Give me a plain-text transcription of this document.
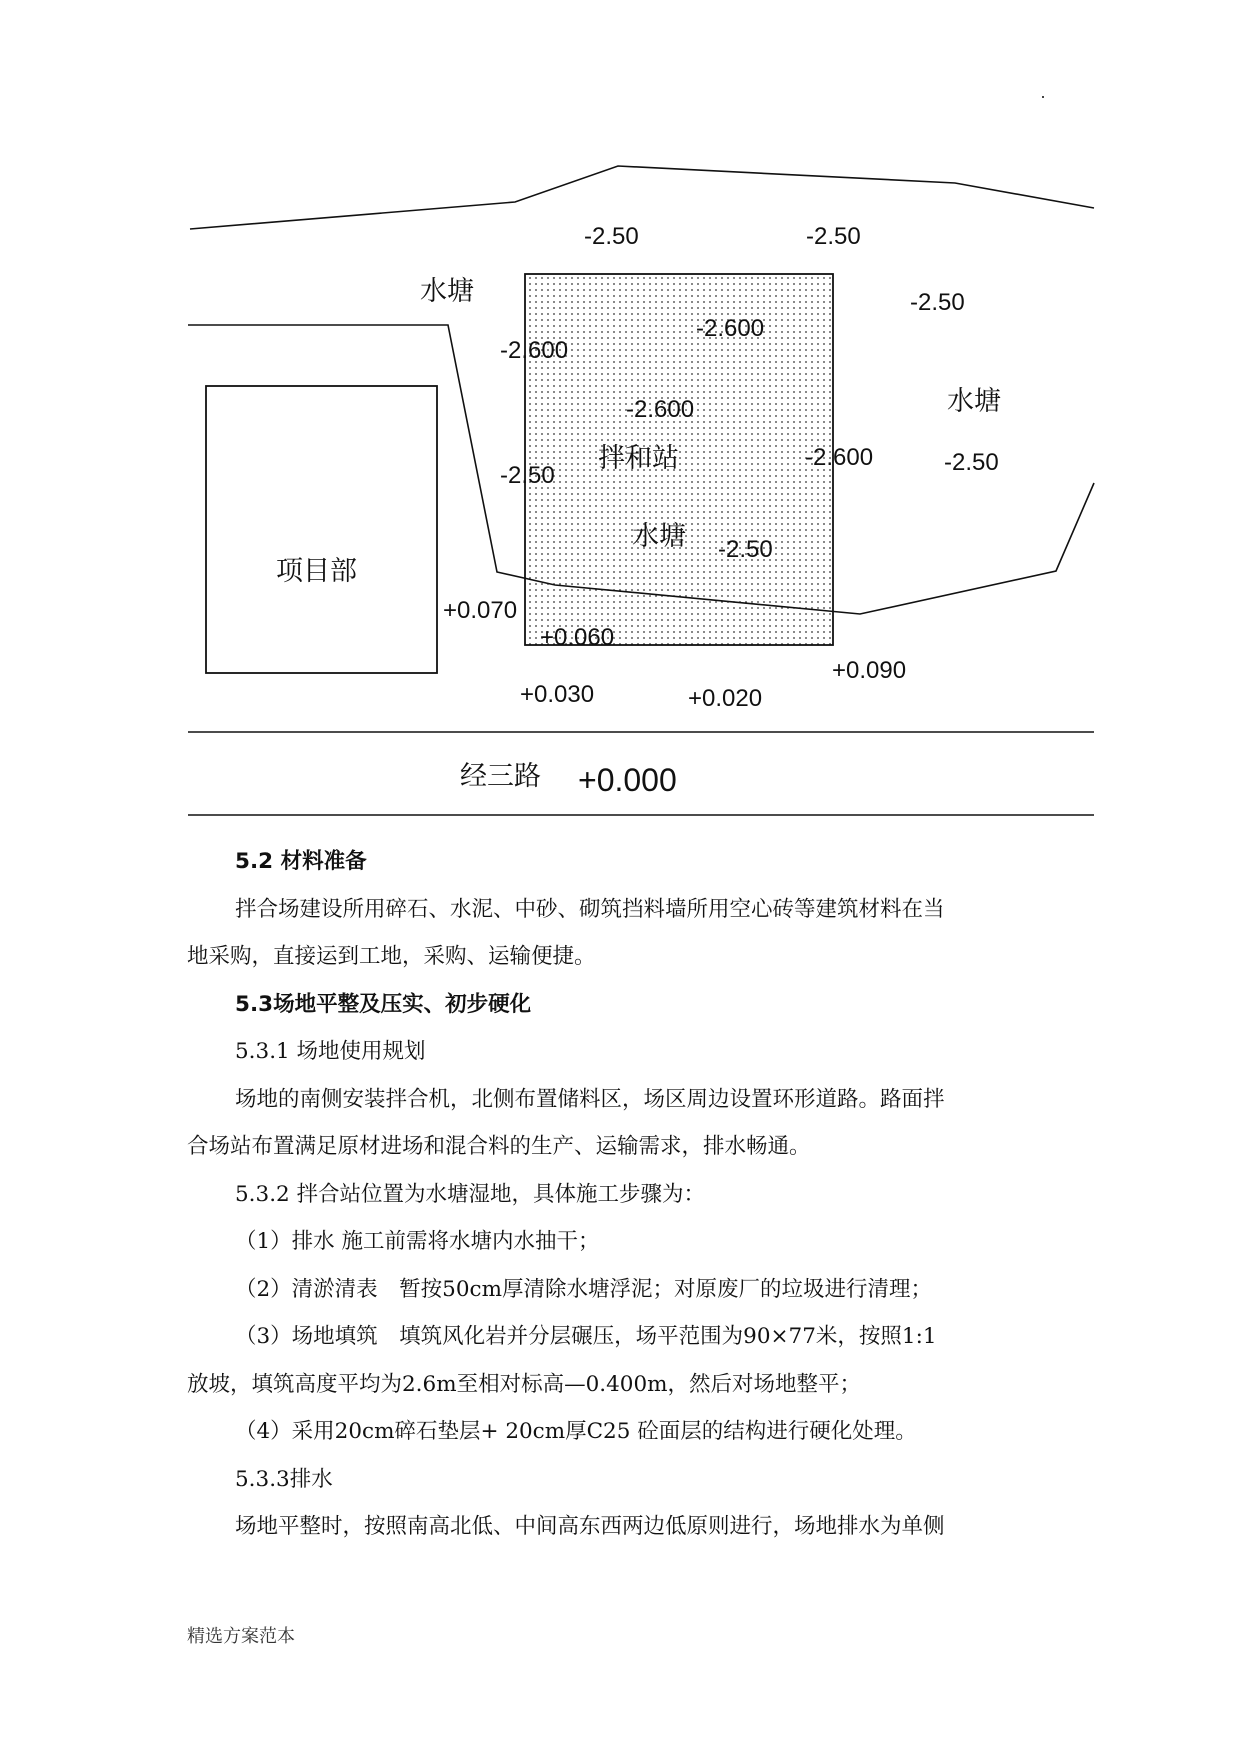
水塘
水塘
水塘
拌和站
项目部
经三路
-2.50	-2.50
-2.50
-2.50
-2.600
-2.600
-2.600
-2.600
-2.50
-2.50
+0.070
+0.060
+0.030	+0.020
+0.090
+0.000

5.2 材料准备

拌合场建设所用碎石、水泥、中砂、砌筑挡料墙所用空心砖等建筑材料在当

地采购，直接运到工地，采购、运输便捷。

5.3场地平整及压实、初步硬化

5.3.1 场地使用规划

场地的南侧安装拌合机，北侧布置储料区，场区周边设置环形道路。路面拌

合场站布置满足原材进场和混合料的生产、运输需求，排水畅通。

5.3.2 拌合站位置为水塘湿地，具体施工步骤为：

（1）排水 施工前需将水塘内水抽干；

（2）清淤清表　暂按50cm厚清除水塘浮泥；对原废厂的垃圾进行清理；

（3）场地填筑　填筑风化岩并分层碾压，场平范围为90×77米，按照1:1

放坡，填筑高度平均为2.6m至相对标高—0.400m，然后对场地整平；

（4）采用20cm碎石垫层+ 20cm厚C25 砼面层的结构进行硬化处理。

5.3.3排水

场地平整时，按照南高北低、中间高东西两边低原则进行，场地排水为单侧

精选方案范本
